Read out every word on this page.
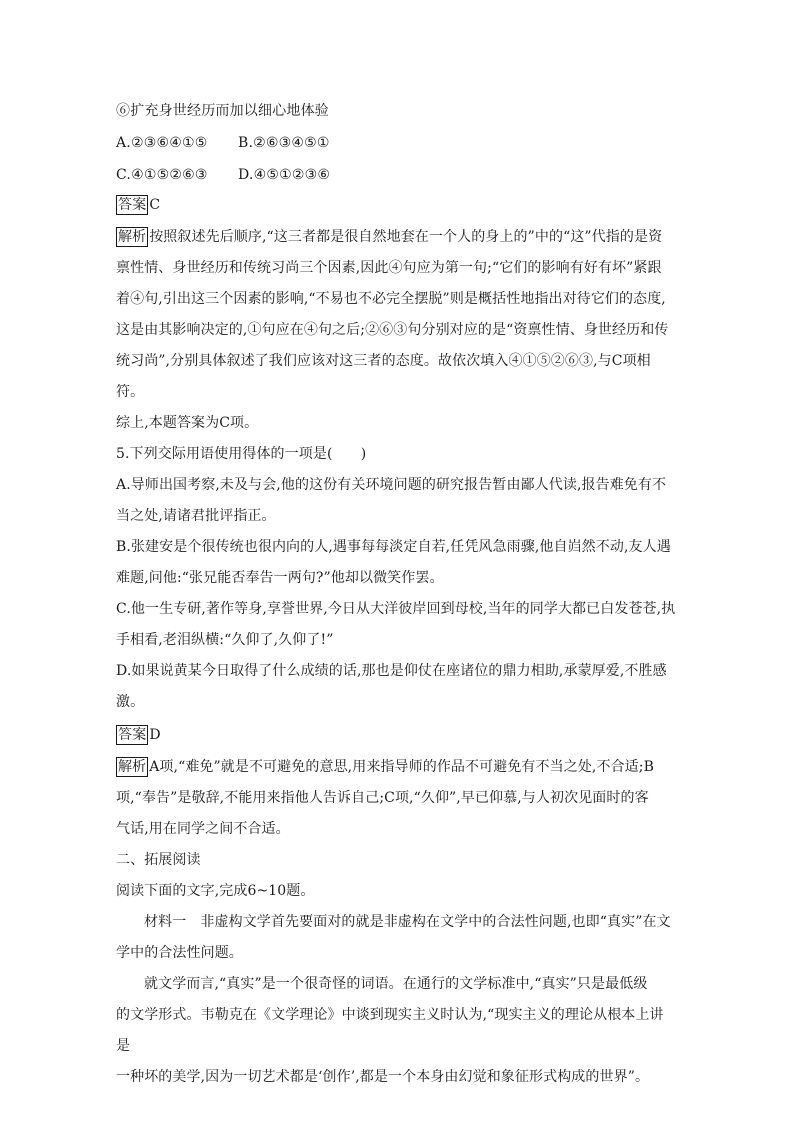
⑥扩充身世经历而加以细心地体验
A.②③⑥④①⑤ B.②⑥③④⑤①
C.④①⑤②⑥③ D.④⑤①②③⑥
答案 C
解析 按照叙述先后顺序,“这三者都是很自然地套在一个人的身上的”中的“这”代指的是资
禀性情、身世经历和传统习尚三个因素,因此④句应为第一句;“它们的影响有好有坏”紧跟
着④句,引出这三个因素的影响,“不易也不必完全摆脱”则是概括性地指出对待它们的态度,
这是由其影响决定的,①句应在④句之后;②⑥③句分别对应的是“资禀性情、身世经历和传
统习尚”,分别具体叙述了我们应该对这三者的态度。故依次填入④①⑤②⑥③,与C项相符。
综上,本题答案为C项。
5.下列交际用语使用得体的一项是(　　)
A.导师出国考察,未及与会,他的这份有关环境问题的研究报告暂由鄙人代读,报告难免有不
当之处,请诸君批评指正。
B.张建安是个很传统也很内向的人,遇事每每淡定自若,任凭风急雨骤,他自岿然不动,友人遇
难题,问他:“张兄能否奉告一两句?”他却以微笑作罢。
C.他一生专研,著作等身,享誉世界,今日从大洋彼岸回到母校,当年的同学大都已白发苍苍,执
手相看,老泪纵横:“久仰了,久仰了!”
D.如果说黄某今日取得了什么成绩的话,那也是仰仗在座诸位的鼎力相助,承蒙厚爱,不胜感
激。
答案 D
解析 A项,“难免”就是不可避免的意思,用来指导师的作品不可避免有不当之处,不合适;B
项,“奉告”是敬辞,不能用来指他人告诉自己;C项,“久仰”,早已仰慕,与人初次见面时的客
气话,用在同学之间不合适。
二、拓展阅读
阅读下面的文字,完成6~10题。
材料一　非虚构文学首先要面对的就是非虚构在文学中的合法性问题,也即“真实”在文
学中的合法性问题。
就文学而言,“真实”是一个很奇怪的词语。在通行的文学标准中,“真实”只是最低级
的文学形式。韦勒克在《文学理论》中谈到现实主义时认为,“现实主义的理论从根本上讲是
一种坏的美学,因为一切艺术都是‘创作’,都是一个本身由幻觉和象征形式构成的世界”。
